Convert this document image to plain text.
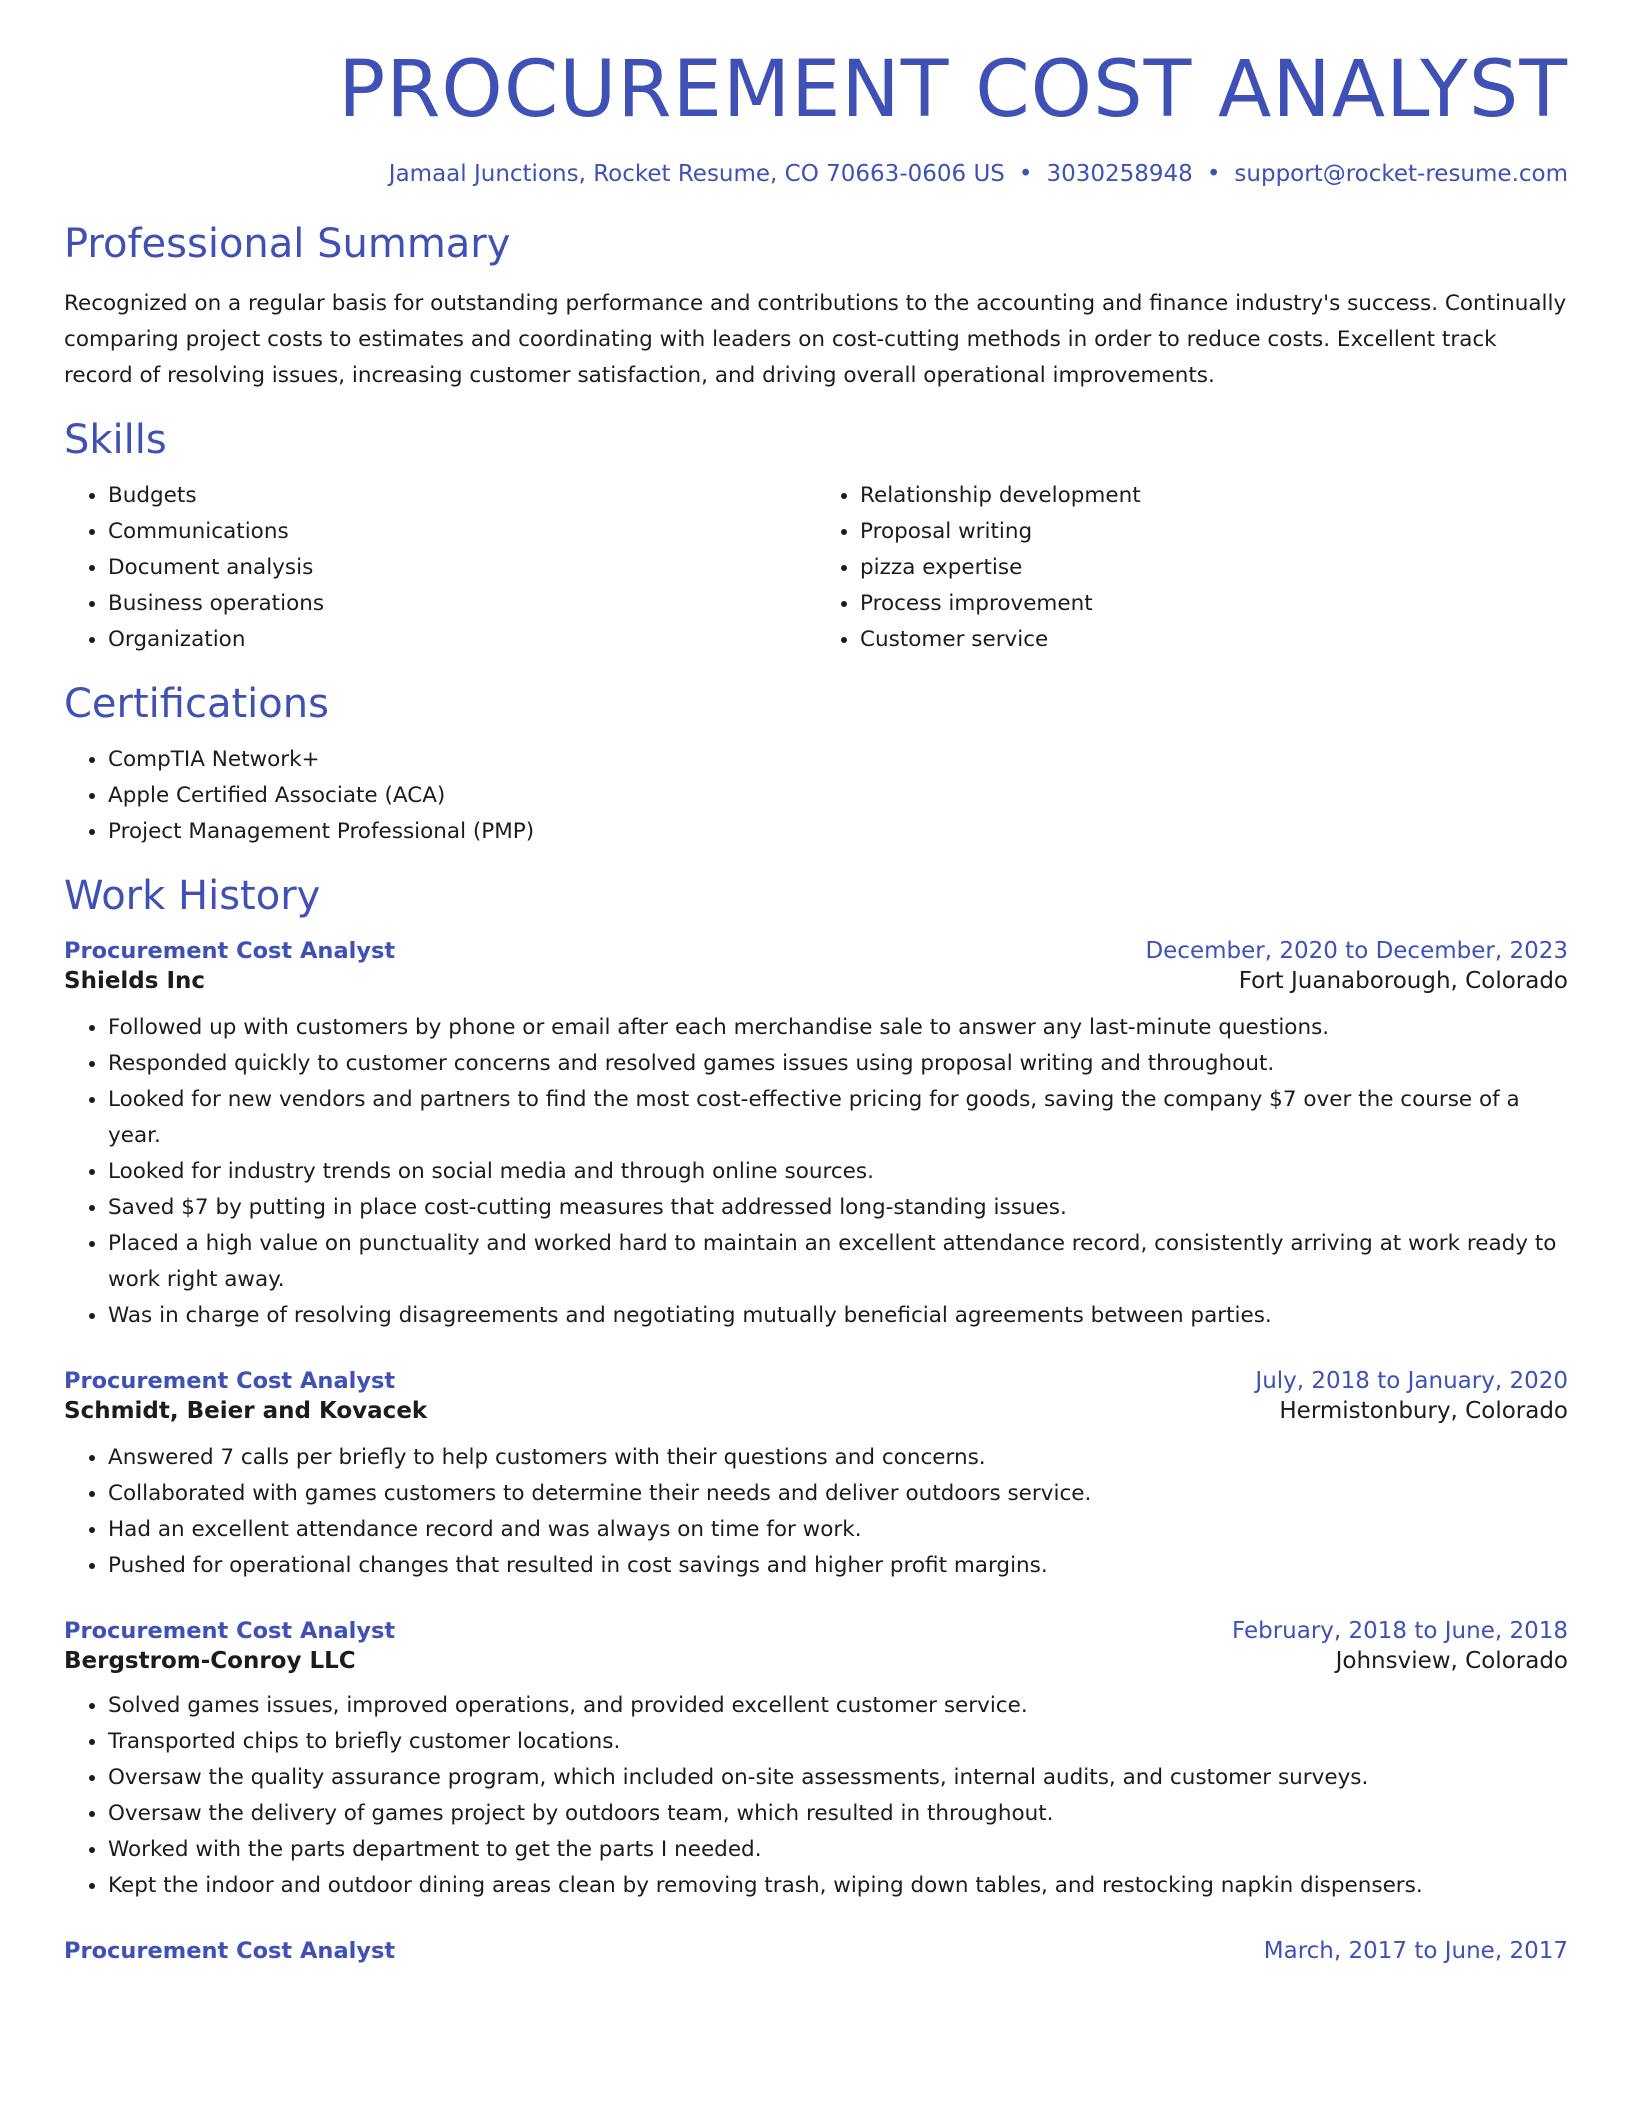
PROCUREMENT COST ANALYST
Jamaal Junctions, Rocket Resume, CO 70663-0606 US • 3030258948 • support@rocket-resume.com
Professional Summary

Recognized on a regular basis for outstanding performance and contributions to the accounting and finance industry's success. Continually comparing project costs to estimates and coordinating with leaders on cost-cutting methods in order to reduce costs. Excellent track record of resolving issues, increasing customer satisfaction, and driving overall operational improvements.

Skills
• Budgets
• Communications
• Document analysis
• Business operations
• Organization
• Relationship development
• Proposal writing
• pizza expertise
• Process improvement
• Customer service
Certifications
• CompTIA Network+
• Apple Certified Associate (ACA)
• Project Management Professional (PMP)
Work History
Procurement Cost Analyst	December, 2020 to December, 2023
Shields Inc	Fort Juanaborough, Colorado
• Followed up with customers by phone or email after each merchandise sale to answer any last-minute questions.
• Responded quickly to customer concerns and resolved games issues using proposal writing and throughout.
• Looked for new vendors and partners to find the most cost-effective pricing for goods, saving the company $7 over the course of a year.
• Looked for industry trends on social media and through online sources.
• Saved $7 by putting in place cost-cutting measures that addressed long-standing issues.
• Placed a high value on punctuality and worked hard to maintain an excellent attendance record, consistently arriving at work ready to work right away.
• Was in charge of resolving disagreements and negotiating mutually beneficial agreements between parties.
Procurement Cost Analyst	July, 2018 to January, 2020
Schmidt, Beier and Kovacek	Hermistonbury, Colorado
• Answered 7 calls per briefly to help customers with their questions and concerns.
• Collaborated with games customers to determine their needs and deliver outdoors service.
• Had an excellent attendance record and was always on time for work.
• Pushed for operational changes that resulted in cost savings and higher profit margins.
Procurement Cost Analyst	February, 2018 to June, 2018
Bergstrom-Conroy LLC	Johnsview, Colorado
• Solved games issues, improved operations, and provided excellent customer service.
• Transported chips to briefly customer locations.
• Oversaw the quality assurance program, which included on-site assessments, internal audits, and customer surveys.
• Oversaw the delivery of games project by outdoors team, which resulted in throughout.
• Worked with the parts department to get the parts I needed.
• Kept the indoor and outdoor dining areas clean by removing trash, wiping down tables, and restocking napkin dispensers.
Procurement Cost Analyst	March, 2017 to June, 2017
